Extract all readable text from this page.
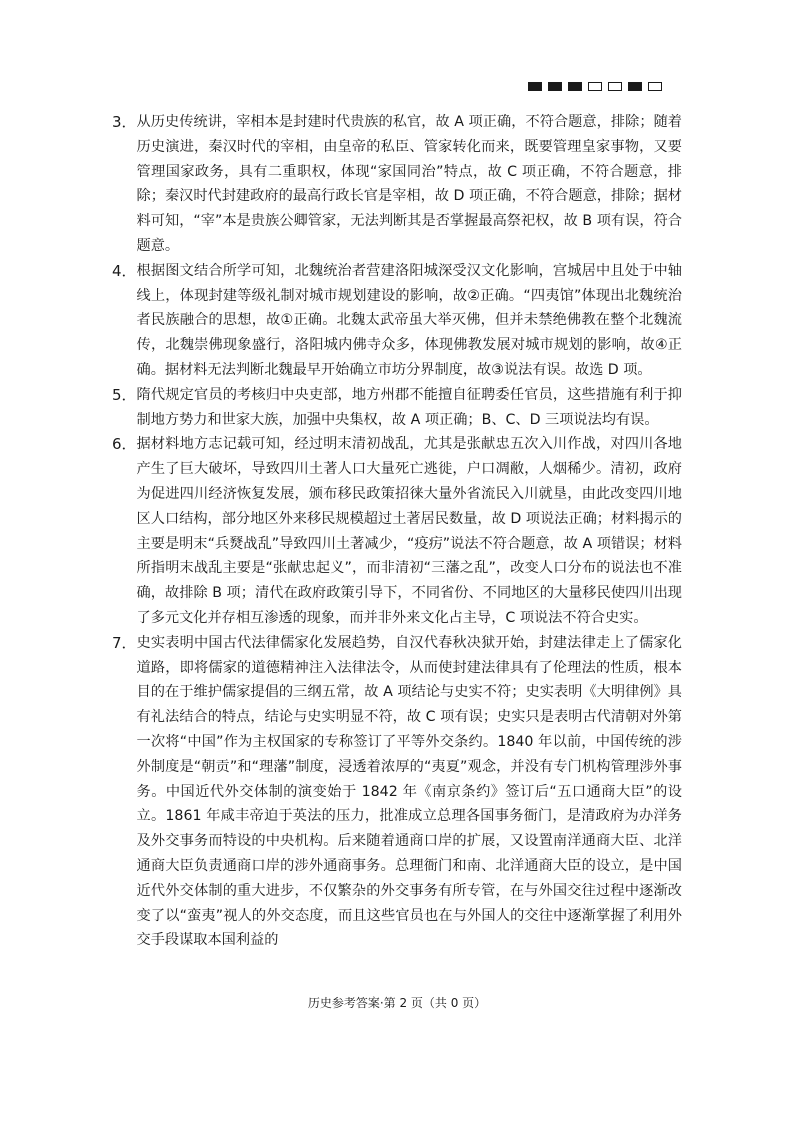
3． 从历史传统讲，宰相本是封建时代贵族的私官，故 A 项正确，不符合题意，排除；随着历史演进，秦汉时代的宰相，由皇帝的私臣、管家转化而来，既要管理皇家事物，又要管理国家政务，具有二重职权，体现“家国同治”特点，故 C 项正确，不符合题意，排除；秦汉时代封建政府的最高行政长官是宰相，故 D 项正确，不符合题意，排除；据材料可知，“宰”本是贵族公卿管家，无法判断其是否掌握最高祭祀权，故 B 项有误，符合题意。
4． 根据图文结合所学可知，北魏统治者营建洛阳城深受汉文化影响，宫城居中且处于中轴线上，体现封建等级礼制对城市规划建设的影响，故②正确。“四夷馆”体现出北魏统治者民族融合的思想，故①正确。北魏太武帝虽大举灭佛，但并未禁绝佛教在整个北魏流传，北魏崇佛现象盛行，洛阳城内佛寺众多，体现佛教发展对城市规划的影响，故④正确。据材料无法判断北魏最早开始确立市坊分界制度，故③说法有误。故选 D 项。
5． 隋代规定官员的考核归中央吏部，地方州郡不能擅自征聘委任官员，这些措施有利于抑制地方势力和世家大族，加强中央集权，故 A 项正确；B、C、D 三项说法均有误。
6． 据材料地方志记载可知，经过明末清初战乱，尤其是张献忠五次入川作战，对四川各地产生了巨大破坏，导致四川土著人口大量死亡逃徙，户口凋敝，人烟稀少。清初，政府为促进四川经济恢复发展，颁布移民政策招徕大量外省流民入川就垦，由此改变四川地区人口结构，部分地区外来移民规模超过土著居民数量，故 D 项说法正确；材料揭示的主要是明末“兵燹战乱”导致四川土著减少，“疫疠”说法不符合题意，故 A 项错误；材料所指明末战乱主要是“张献忠起义”，而非清初“三藩之乱”，改变人口分布的说法也不准确，故排除 B 项；清代在政府政策引导下，不同省份、不同地区的大量移民使四川出现了多元文化并存相互渗透的现象，而并非外来文化占主导，C 项说法不符合史实。
7． 史实表明中国古代法律儒家化发展趋势，自汉代春秋决狱开始，封建法律走上了儒家化道路，即将儒家的道德精神注入法律法令，从而使封建法律具有了伦理法的性质，根本目的在于维护儒家提倡的三纲五常，故 A 项结论与史实不符；史实表明《大明律例》具有礼法结合的特点，结论与史实明显不符，故 C 项有误；史实只是表明古代清朝对外第一次将“中国”作为主权国家的专称签订了平等外交条约。1840 年以前，中国传统的涉外制度是“朝贡”和“理藩”制度，浸透着浓厚的“夷夏”观念，并没有专门机构管理涉外事务。中国近代外交体制的演变始于 1842 年《南京条约》签订后“五口通商大臣”的设立。1861 年咸丰帝迫于英法的压力，批准成立总理各国事务衙门，是清政府为办洋务及外交事务而特设的中央机构。后来随着通商口岸的扩展，又设置南洋通商大臣、北洋通商大臣负责通商口岸的涉外通商事务。总理衙门和南、北洋通商大臣的设立，是中国近代外交体制的重大进步，不仅繁杂的外交事务有所专管，在与外国交往过程中逐渐改变了以“蛮夷”视人的外交态度，而且这些官员也在与外国人的交往中逐渐掌握了利用外交手段谋取本国利益的
历史参考答案·第 2 页（共 0 页）
